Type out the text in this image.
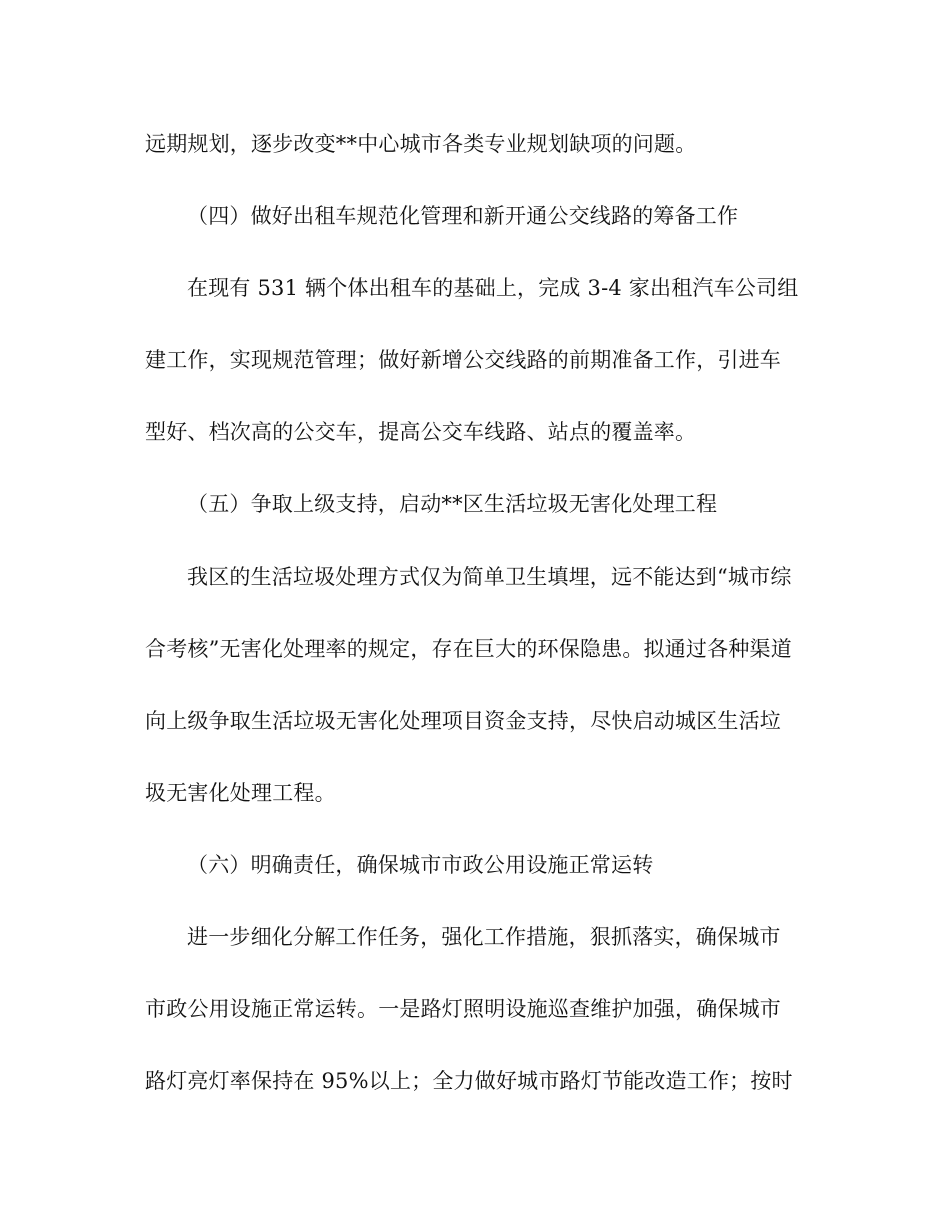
远期规划，逐步改变**中心城市各类专业规划缺项的问题。
（四）做好出租车规范化管理和新开通公交线路的筹备工作
在现有 531 辆个体出租车的基础上，完成 3-4 家出租汽车公司组
建工作，实现规范管理；做好新增公交线路的前期准备工作，引进车
型好、档次高的公交车，提高公交车线路、站点的覆盖率。
（五）争取上级支持，启动**区生活垃圾无害化处理工程
我区的生活垃圾处理方式仅为简单卫生填埋，远不能达到“城市综
合考核”无害化处理率的规定，存在巨大的环保隐患。拟通过各种渠道
向上级争取生活垃圾无害化处理项目资金支持，尽快启动城区生活垃
圾无害化处理工程。
（六）明确责任，确保城市市政公用设施正常运转
进一步细化分解工作任务，强化工作措施，狠抓落实，确保城市
市政公用设施正常运转。一是路灯照明设施巡查维护加强，确保城市
路灯亮灯率保持在 95%以上；全力做好城市路灯节能改造工作；按时
